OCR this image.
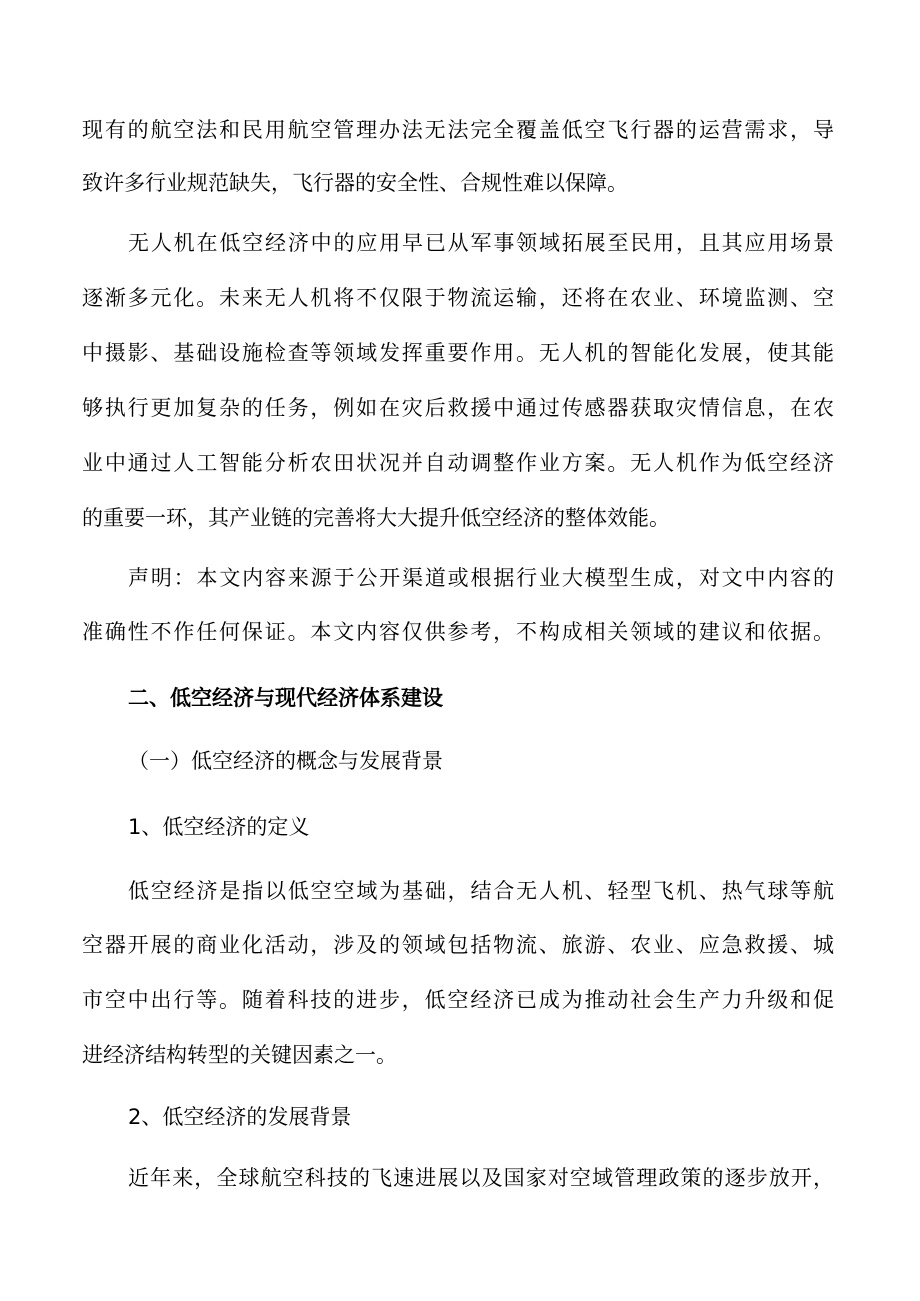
现有的航空法和民用航空管理办法无法完全覆盖低空飞行器的运营需求，导

致许多行业规范缺失，飞行器的安全性、合规性难以保障。

无人机在低空经济中的应用早已从军事领域拓展至民用，且其应用场景

逐渐多元化。未来无人机将不仅限于物流运输，还将在农业、环境监测、空

中摄影、基础设施检查等领域发挥重要作用。无人机的智能化发展，使其能

够执行更加复杂的任务，例如在灾后救援中通过传感器获取灾情信息，在农

业中通过人工智能分析农田状况并自动调整作业方案。无人机作为低空经济

的重要一环，其产业链的完善将大大提升低空经济的整体效能。

声明：本文内容来源于公开渠道或根据行业大模型生成，对文中内容的

准确性不作任何保证。本文内容仅供参考，不构成相关领域的建议和依据。

二、低空经济与现代经济体系建设

（一）低空经济的概念与发展背景

1、低空经济的定义

低空经济是指以低空空域为基础，结合无人机、轻型飞机、热气球等航

空器开展的商业化活动，涉及的领域包括物流、旅游、农业、应急救援、城

市空中出行等。随着科技的进步，低空经济已成为推动社会生产力升级和促

进经济结构转型的关键因素之一。

2、低空经济的发展背景

近年来，全球航空科技的飞速进展以及国家对空域管理政策的逐步放开，
